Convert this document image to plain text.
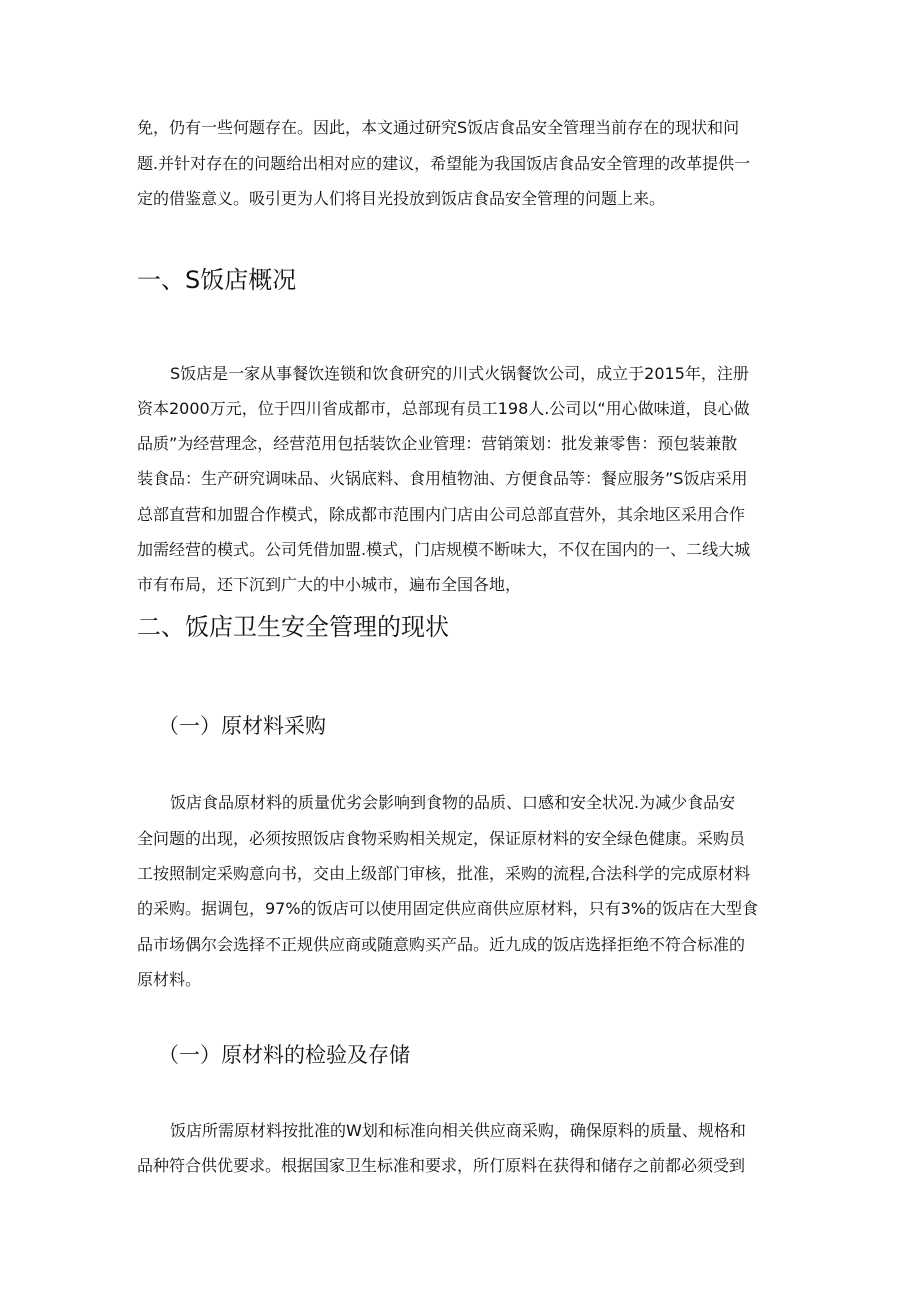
免，仍有一些何题存在。因此，本文通过研究S饭店食品安全管理当前存在的现状和问
题.并针对存在的问题给出相对应的建议，希望能为我国饭店食品安全管理的改革提供一
定的借鉴意义。吸引更为人们将目光投放到饭店食品安全管理的问题上来。
一、S饭店概况
S饭店是一家从事餐饮连锁和饮食研究的川式火锅餐饮公司，成立于2015年，注册
资本2000万元，位于四川省成都市，总部现有员工198人.公司以“用心做味道，良心做
品质”为经营理念，经营范用包括装饮企业管理：营销策划：批发兼零售：预包装兼散
装食品：生产研究调味品、火锅底料、食用植物油、方便食品等：餐应服务”S饭店采用
总部直营和加盟合作模式，除成都市范围内门店由公司总部直营外，其余地区采用合作
加需经营的模式。公司凭借加盟.模式，门店规模不断味大，不仅在国内的一、二线大城
市有布局，还下沉到广大的中小城市，遍布全国各地，
二、饭店卫生安全管理的现状
（一）原材料采购
饭店食品原材料的质量优劣会影响到食物的品质、口感和安全状况.为减少食品安
全问题的出现，必须按照饭店食物采购相关规定，保证原材料的安全绿色健康。采购员
工按照制定采购意向书，交由上级部门审核，批准，采购的流程,合法科学的完成原材料
的采购。据调包，97%的饭店可以使用固定供应商供应原材料，只有3%的饭店在大型食
品市场偶尔会选择不正规供应商或随意购买产品。近九成的饭店选择拒绝不符合标准的
原材料。
（一）原材料的检验及存储
饭店所需原材料按批准的W划和标准向相关供应商采购，确保原料的质量、规格和
品种符合供优要求。根据国家卫生标准和要求，所仃原料在获得和储存之前都必须受到
